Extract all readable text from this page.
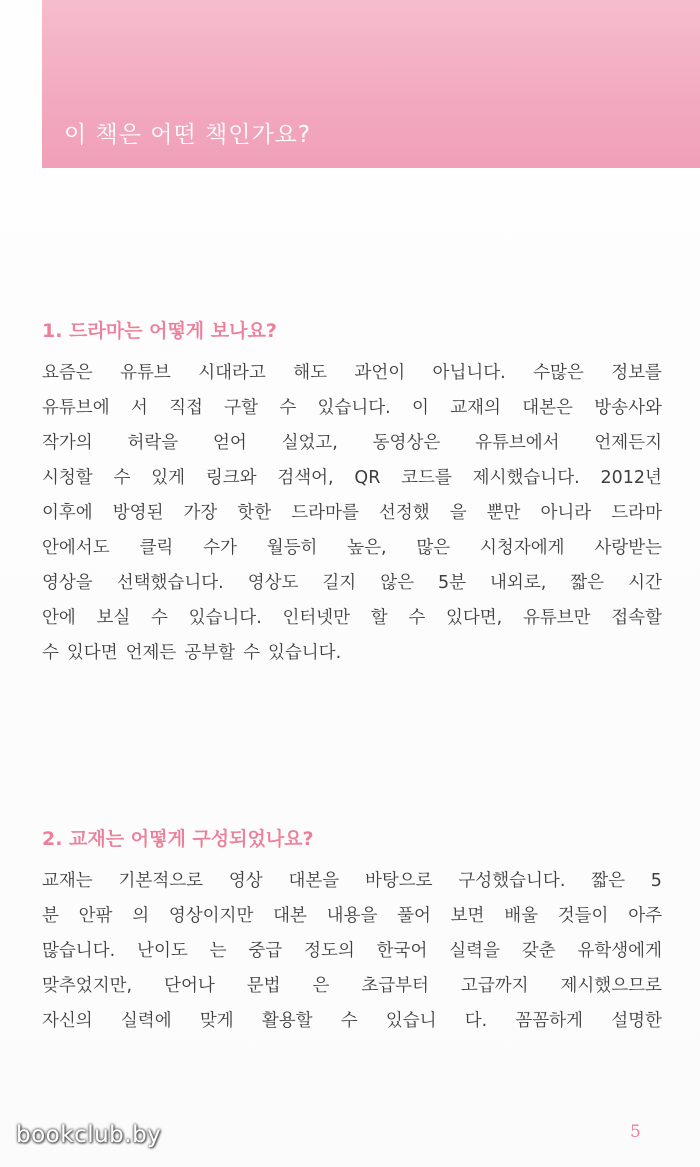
이 책은 어떤 책인가요?
1. 드라마는 어떻게 보나요?
요즘은 유튜브 시대라고 해도 과언이 아닙니다. 수많은 정보를
유튜브에 서 직접 구할 수 있습니다. 이 교재의 대본은 방송사와
작가의 허락을 얻어 실었고, 동영상은 유튜브에서 언제든지
시청할 수 있게 링크와 검색어, QR 코드를 제시했습니다. 2012년
이후에 방영된 가장 핫한 드라마를 선정했 을 뿐만 아니라 드라마
안에서도 클릭 수가 월등히 높은, 많은 시청자에게 사랑받는
영상을 선택했습니다. 영상도 길지 않은 5분 내외로, 짧은 시간
안에 보실 수 있습니다. 인터넷만 할 수 있다면, 유튜브만 접속할
수 있다면 언제든 공부할 수 있습니다.
2. 교재는 어떻게 구성되었나요?
교재는 기본적으로 영상 대본을 바탕으로 구성했습니다. 짧은 5
분 안팎 의 영상이지만 대본 내용을 풀어 보면 배울 것들이 아주
많습니다. 난이도 는 중급 정도의 한국어 실력을 갖춘 유학생에게
맞추었지만, 단어나 문법 은 초급부터 고급까지 제시했으므로
자신의 실력에 맞게 활용할 수 있습니 다. 꼼꼼하게 설명한
5
bookclub.by
